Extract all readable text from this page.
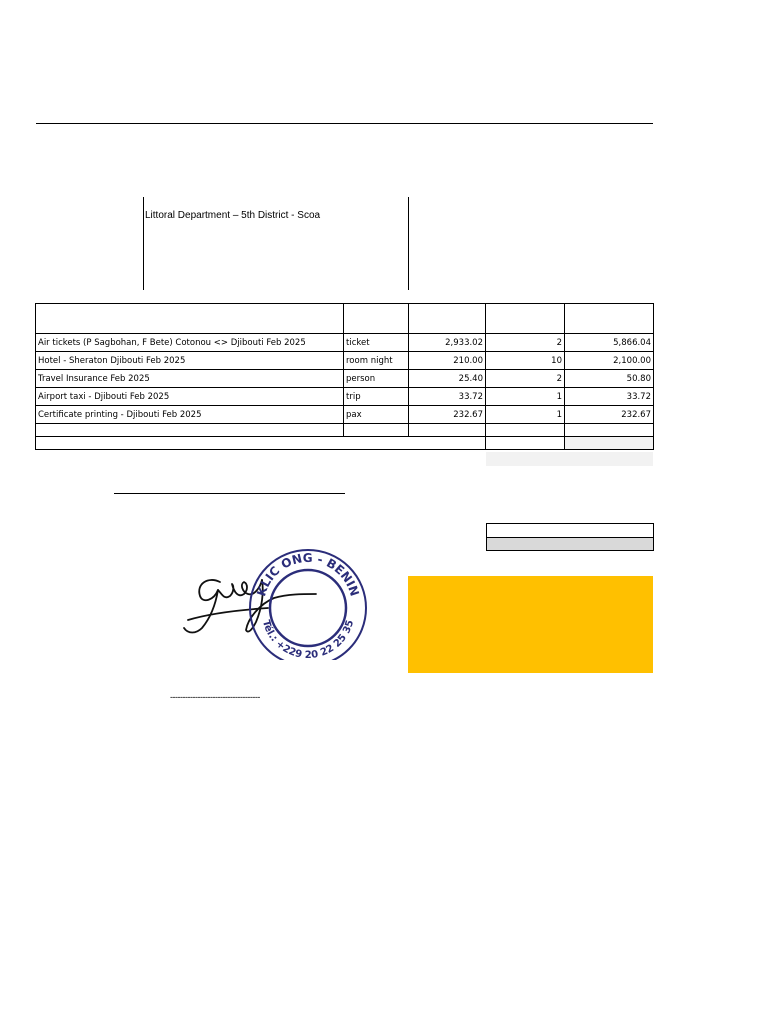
Littoral Department – 5th District - Scoa

Air tickets (P Sagbohan, F Bete) Cotonou <> Djibouti Feb 2025	ticket	2,933.02	2	5,866.04
Hotel - Sheraton Djibouti Feb 2025	room night	210.00	10	2,100.00
Travel Insurance Feb 2025	person	25.40	2	50.80
Airport taxi - Djibouti Feb 2025	trip	33.72	1	33.72
Certificate printing - Djibouti Feb 2025	pax	232.67	1	232.67

KLIC ONG - BENIN
Tél.: +229 20 22 25 35
------------------------------------
